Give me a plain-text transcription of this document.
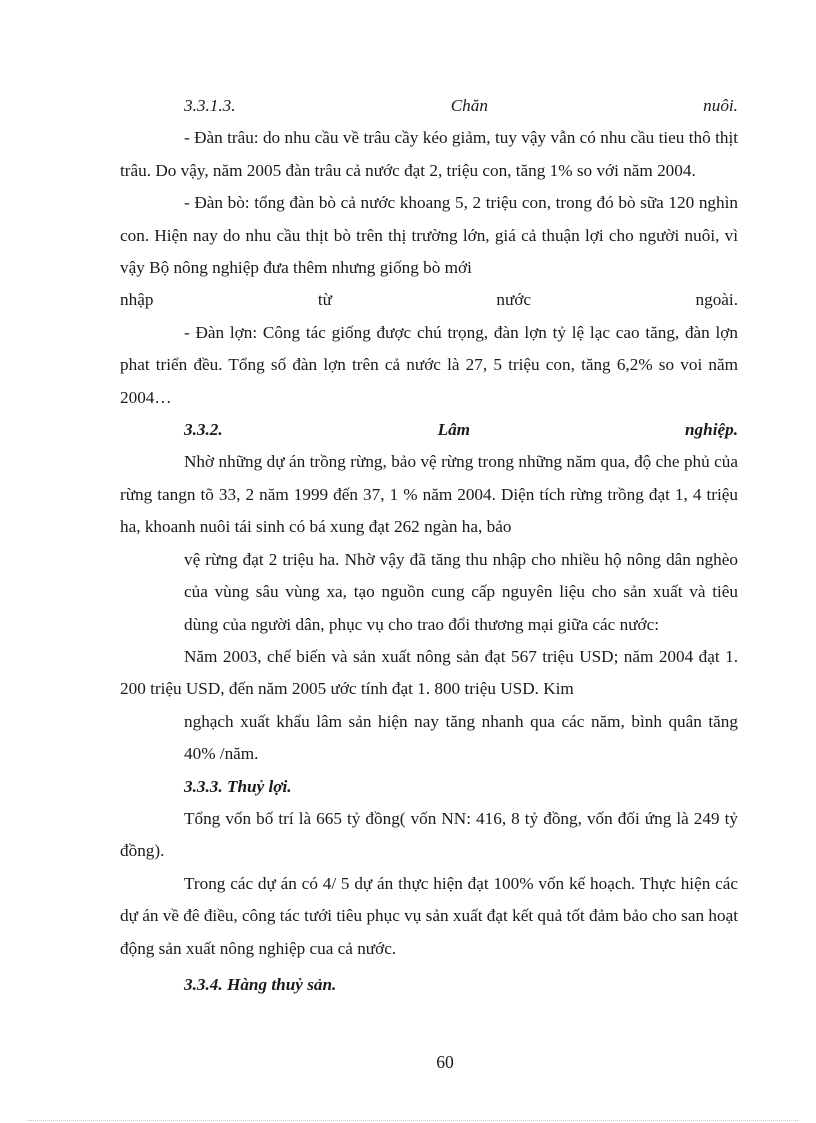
3.3.1.3.	Chăn	nuôi.

- Đàn trâu: do nhu cầu về trâu cầy kéo giảm, tuy vậy vẫn có nhu cầu tieu thô thịt trâu. Do vậy, năm 2005 đàn trâu cả nước đạt 2, triệu con, tăng 1% so với năm 2004.

- Đàn bò: tổng đàn bò cả nước khoang 5, 2 triệu con, trong đó bò sữa 120 nghìn con. Hiện nay do nhu cầu thịt bò trên thị trường lớn, giá cả thuận lợi cho người nuôi, vì vậy Bộ nông nghiệp đưa thêm nhưng giống bò mới

nhập	từ	nước	ngoài.

- Đàn lợn: Công tác giống được chú trọng, đàn lợn tỷ lệ lạc cao tăng, đàn lợn phat triển đều. Tổng số đàn lợn trên cả nước là 27, 5 triệu con, tăng 6,2% so voi năm 2004…

3.3.2.	Lâm	nghiệp.

Nhờ những dự án trồng rừng, bảo vệ rừng trong những năm qua, độ che phủ của rừng tangn tõ 33, 2 năm 1999 đến 37, 1 % năm 2004. Diện tích rừng trồng đạt 1, 4 triệu ha, khoanh nuôi tái sinh có bá xung đạt 262 ngàn ha, bảo

vệ rừng đạt 2 triệu ha. Nhờ vậy đã tăng thu nhập cho nhiều hộ nông dân nghèo của vùng sâu vùng xa, tạo nguồn cung cấp nguyên liệu cho sản xuất và tiêu dùng của người dân, phục vụ cho trao đổi thương mại giữa các nước:

Năm 2003, chế biến và sản xuất nông sản đạt 567 triệu USD; năm 2004 đạt 1. 200 triệu USD, đến năm 2005 ước tính đạt 1. 800 triệu USD. Kim

nghạch xuất khẩu lâm sản hiện nay tăng nhanh qua các năm, bình quân tăng 40% /năm.

3.3.3. Thuỷ lợi.

Tổng vốn bố trí là 665 tỷ đồng( vốn NN: 416, 8 tỷ đồng, vốn đối ứng là 249 tỷ đồng).

Trong các dự án có 4/ 5 dự án thực hiện đạt 100% vốn kế hoạch. Thực hiện các dự án về đê điều, công tác tưới tiêu phục vụ sản xuất đạt kết quả tốt đảm bảo cho san hoạt động sản xuất nông nghiệp cua cả nước.

3.3.4. Hàng thuỷ sản.

60
